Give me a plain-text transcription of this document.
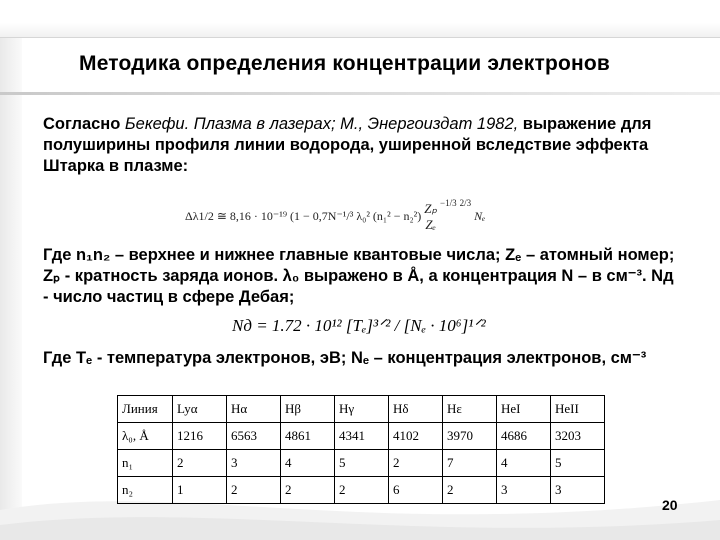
Методика определения концентрации электронов
Согласно Бекефи. Плазма в лазерах; М., Энергоиздат 1982, выражение для полуширины профиля линии водорода, уширенной вследствие эффекта Штарка в плазме:
Δλ1/2 ≅ 8,16 · 10⁻¹⁹ (1 − 0,7N⁻¹/³ λ₀² (n₁² − n₂²) Zₚ
Zₑ $^{-1/3}$ $^{2/3}$ Nₑ
Где n₁n₂ – верхнее и нижнее главные квантовые числа; Zₑ – атомный номер; Zₚ - кратность заряда ионов. λ₀ выражено в Å, а концентрация N – в см⁻³. Nд - число частиц в сфере Дебая;
Nд = 1.72 · 10¹² [Tₑ]³ᐟ² / [Nₑ · 10⁶]¹ᐟ²
Где Tₑ - температура электронов, эВ; Nₑ – концентрация электронов, см⁻³
Линия	Lyα	Hα	Hβ	Hγ	Hδ	Hε	HeI	HeII
λ₀, Å	1216	6563	4861	4341	4102	3970	4686	3203
n₁	2	3	4	5	2	7	4	5
n₂	1	2	2	2	6	2	3	3
20
